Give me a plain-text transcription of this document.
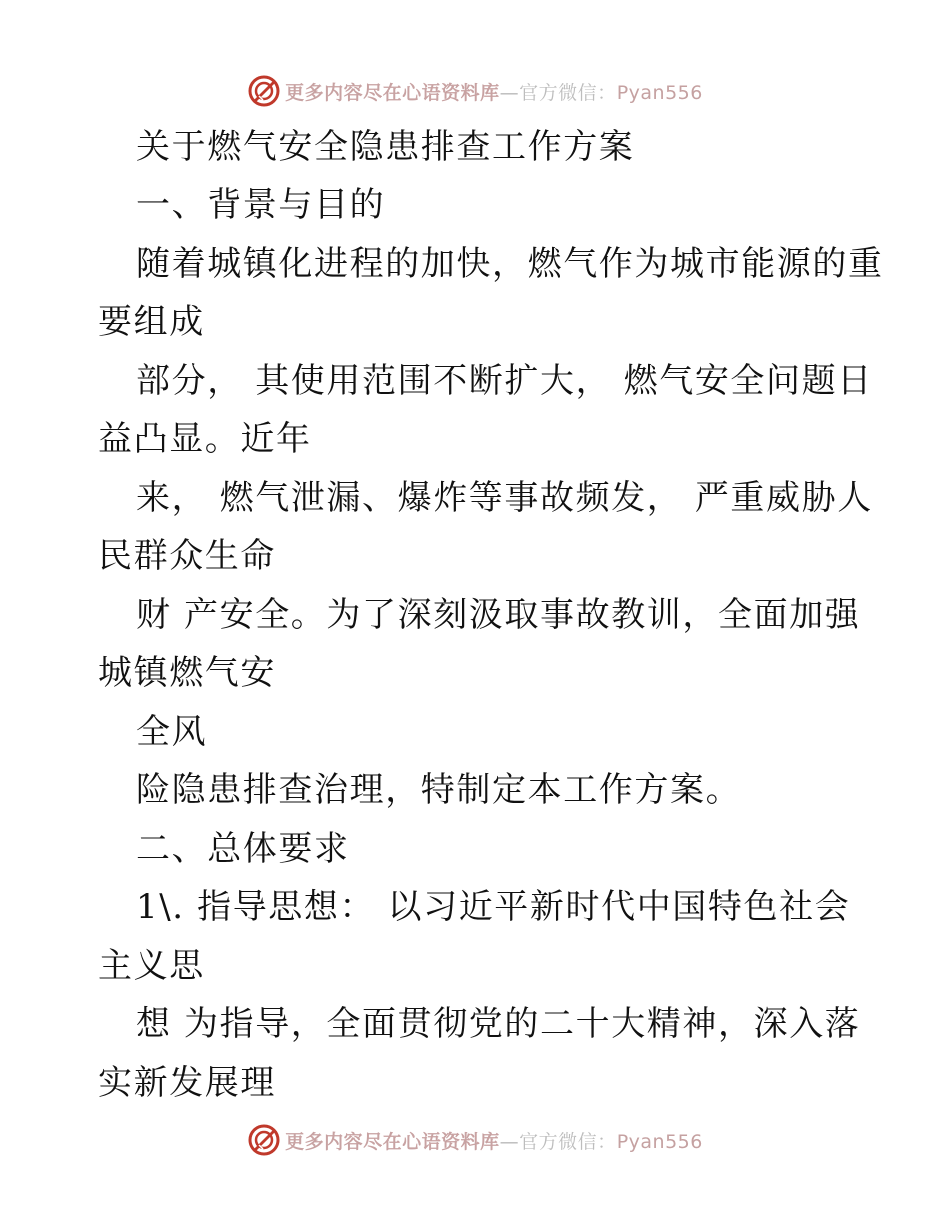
更多内容尽在心语资料库—官方微信：Pyan556
关于燃气安全隐患排查工作方案
一、背景与目的
随着城镇化进程的加快，燃气作为城市能源的重
要组成
部分， 其使用范围不断扩大， 燃气安全问题日
益凸显。近年
来， 燃气泄漏、爆炸等事故频发， 严重威胁人
民群众生命
财 产安全。为了深刻汲取事故教训，全面加强
城镇燃气安
全风
险隐患排查治理，特制定本工作方案。
二、总体要求
1\. 指导思想： 以习近平新时代中国特色社会
主义思
想 为指导，全面贯彻党的二十大精神，深入落
实新发展理
更多内容尽在心语资料库—官方微信：Pyan556
